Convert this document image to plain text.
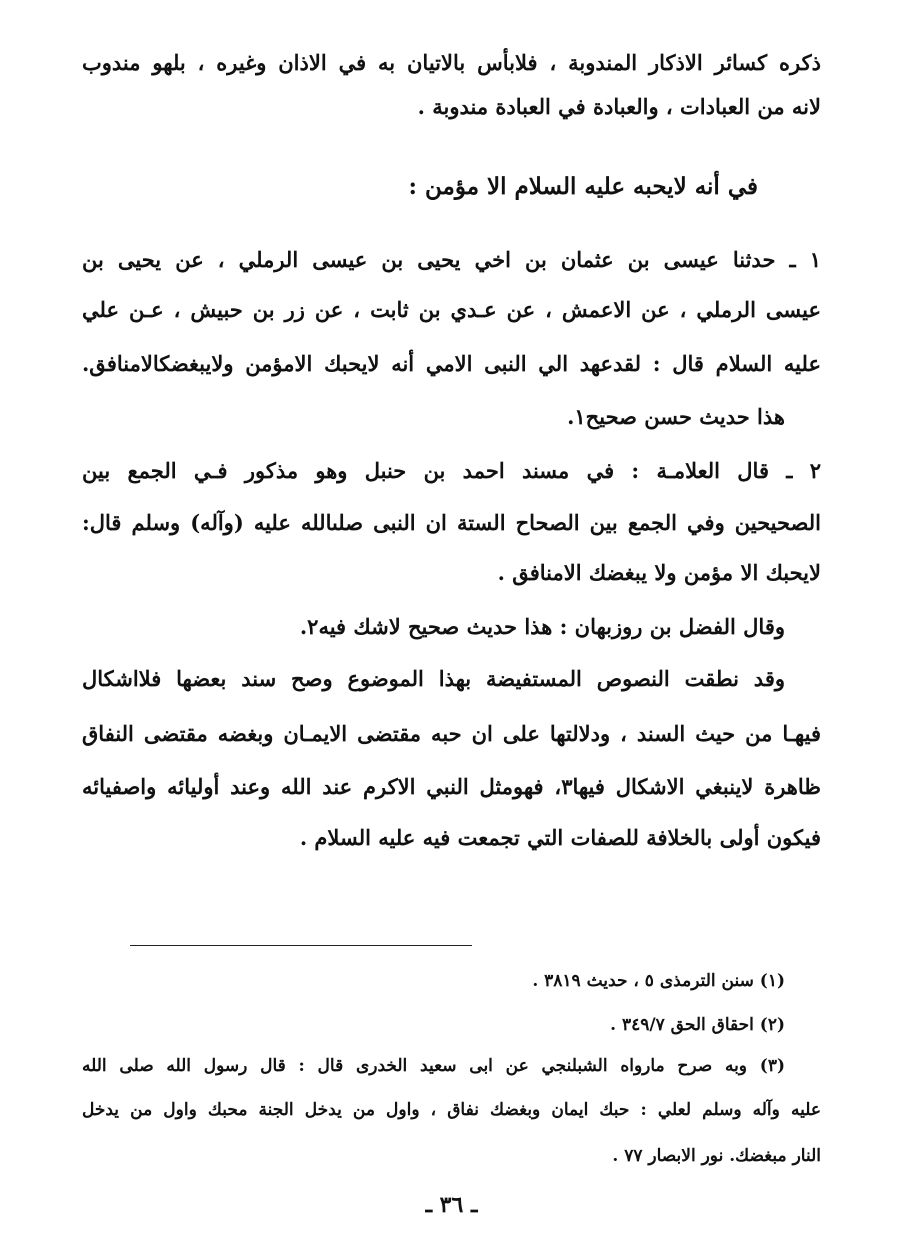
ذكره كسائر الاذكار المندوبة ، فلابأس بالاتيان به في الاذان وغيره ، بلهو مندوب
لانه من العبادات ، والعبادة في العبادة مندوبة .
في أنه لايحبه عليه السلام الا مؤمن :
١ ـ حدثنا عيسى بن عثمان بن اخي يحيى بن عيسى الرملي ، عن يحيى بن
عيسى الرملي ، عن الاعمش ، عن عـدي بن ثابت ، عن زر بن حبيش ، عـن علي
عليه السلام قال : لقدعهد الي النبى الامي أنه لايحبك الامؤمن ولايبغضكالامنافق.
هذا حديث حسن صحيح١.
٢ ـ قال العلامـة : في مسند احمد بن حنبل وهو مذكور فـي الجمع بين
الصحيحين وفي الجمع بين الصحاح الستة ان النبى صلىالله عليه (وآله) وسلم قال:
لايحبك الا مؤمن ولا يبغضك الامنافق .
وقال الفضل بن روزبهان : هذا حديث صحيح لاشك فيه٢.
وقد نطقت النصوص المستفيضة بهذا الموضوع وصح سند بعضها فلااشكال
فيهـا من حيث السند ، ودلالتها على ان حبه مقتضى الايمـان وبغضه مقتضى النفاق
ظاهرة لاينبغي الاشكال فيها٣، فهومثل النبي الاكرم عند الله وعند أوليائه واصفيائه
فيكون أولى بالخلافة للصفات التي تجمعت فيه عليه السلام .
(١) سنن الترمذى ٥ ، حديث ٣٨١٩ .
(٢) احقاق الحق ٣٤٩/٧ .
(٣) وبه صرح مارواه الشبلنجي عن ابى سعيد الخدرى قال : قال رسول الله صلى الله
عليه وآله وسلم لعلي : حبك ايمان وبغضك نفاق ، واول من يدخل الجنة محبك واول من يدخل
النار مبغضك. نور الابصار ٧٧ .
ـ ٣٦ ـ
